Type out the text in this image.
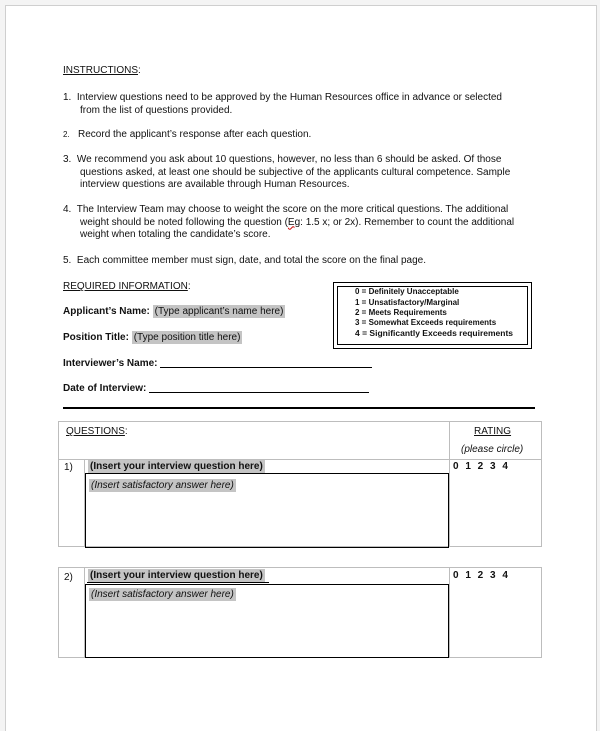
INSTRUCTIONS:
1. Interview questions need to be approved by the Human Resources office in advance or selected
from the list of questions provided.
2. Record the applicant’s response after each question.
3. We recommend you ask about 10 questions, however, no less than 6 should be asked. Of those
questions asked, at least one should be subjective of the applicants cultural competence. Sample
interview questions are available through Human Resources.
4. The Interview Team may choose to weight the score on the more critical questions. The additional
weight should be noted following the question (Eg: 1.5 x; or 2x). Remember to count the additional
weight when totaling the candidate’s score.
5. Each committee member must sign, date, and total the score on the final page.
REQUIRED INFORMATION:
Applicant’s Name: (Type applicant’s name here)
Position Title: (Type position title here)
Interviewer’s Name:
Date of Interview:
0 = Definitely Unacceptable
1 = Unsatisfactory/Marginal
2 = Meets Requirements
3 = Somewhat Exceeds requirements
4 = Significantly Exceeds requirements
QUESTIONS:	RATING
(please circle)
1) (Insert your interview question here)
(Insert satisfactory answer here)
0 1 2 3 4
2) (Insert your interview question here)
(Insert satisfactory answer here)
0 1 2 3 4
